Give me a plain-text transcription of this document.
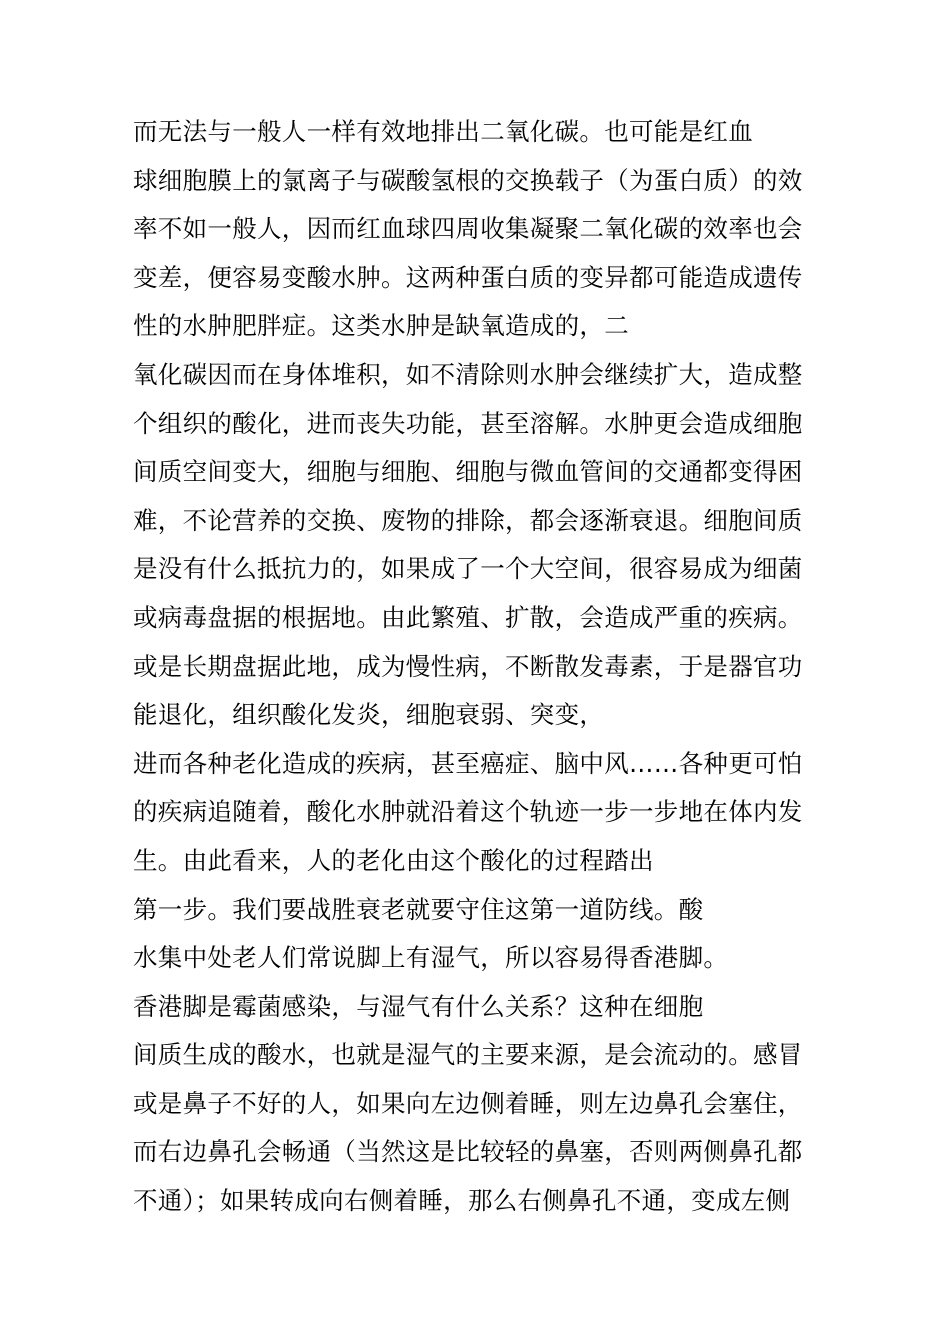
而无法与一般人一样有效地排出二氧化碳。也可能是红血
球细胞膜上的氯离子与碳酸氢根的交换载子（为蛋白质）的效
率不如一般人，因而红血球四周收集凝聚二氧化碳的效率也会
变差，便容易变酸水肿。这两种蛋白质的变异都可能造成遗传
性的水肿肥胖症。这类水肿是缺氧造成的，二
氧化碳因而在身体堆积，如不清除则水肿会继续扩大，造成整
个组织的酸化，进而丧失功能，甚至溶解。水肿更会造成细胞
间质空间变大，细胞与细胞、细胞与微血管间的交通都变得困
难，不论营养的交换、废物的排除，都会逐渐衰退。细胞间质
是没有什么抵抗力的，如果成了一个大空间，很容易成为细菌
或病毒盘据的根据地。由此繁殖、扩散，会造成严重的疾病。
或是长期盘据此地，成为慢性病，不断散发毒素，于是器官功
能退化，组织酸化发炎，细胞衰弱、突变，
进而各种老化造成的疾病，甚至癌症、脑中风……各种更可怕
的疾病追随着，酸化水肿就沿着这个轨迹一步一步地在体内发
生。由此看来，人的老化由这个酸化的过程踏出
第一步。我们要战胜衰老就要守住这第一道防线。酸
水集中处老人们常说脚上有湿气，所以容易得香港脚。
香港脚是霉菌感染，与湿气有什么关系？这种在细胞
间质生成的酸水，也就是湿气的主要来源，是会流动的。感冒
或是鼻子不好的人，如果向左边侧着睡，则左边鼻孔会塞住，
而右边鼻孔会畅通（当然这是比较轻的鼻塞，否则两侧鼻孔都
不通）；如果转成向右侧着睡，那么右侧鼻孔不通，变成左侧
